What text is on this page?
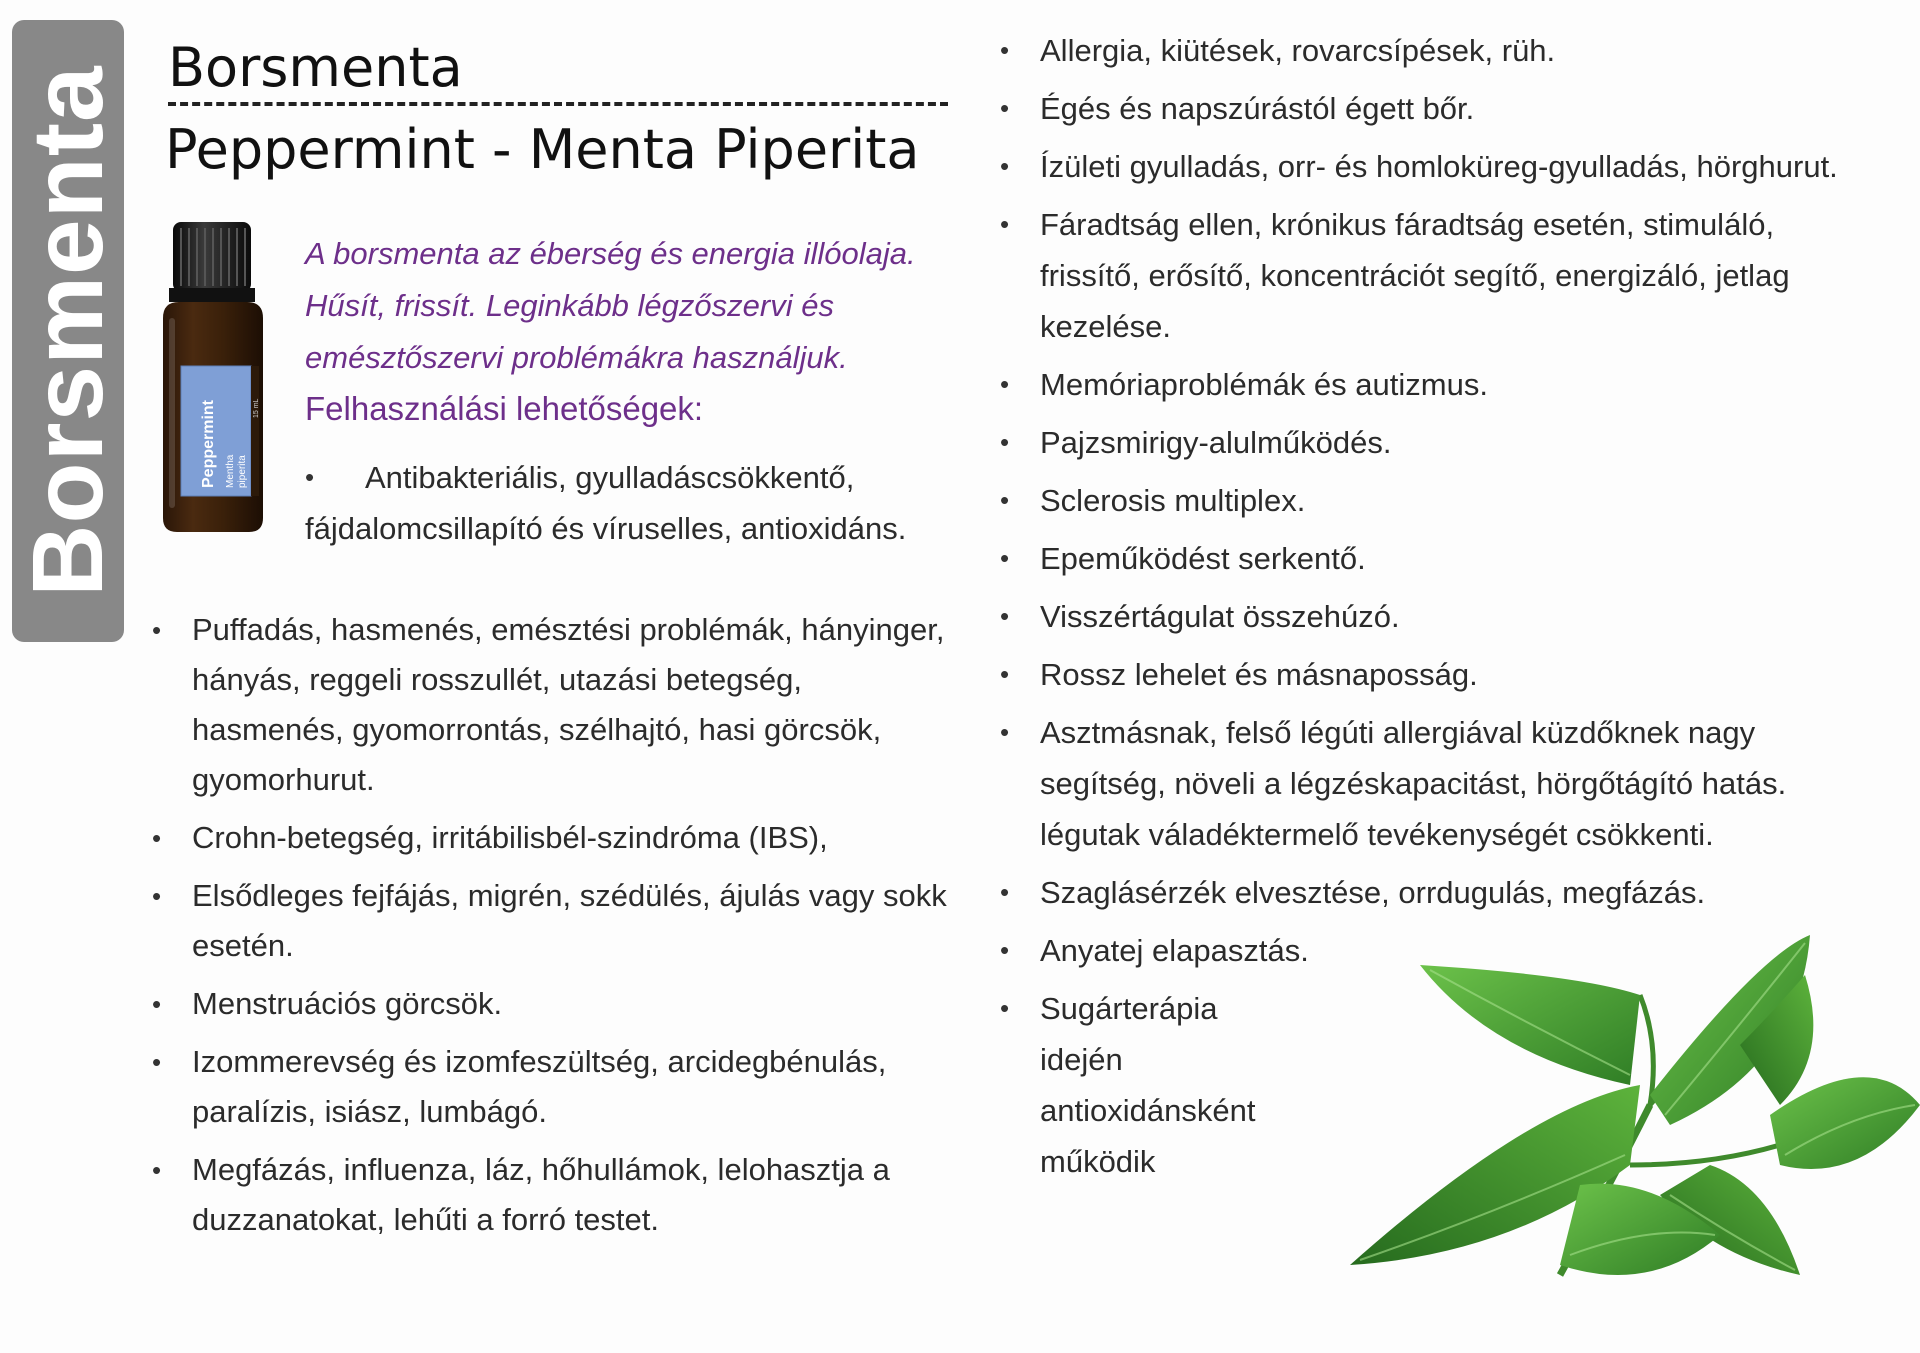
Borsmenta Borsmenta
Peppermint - Menta Piperita
Peppermint Mentha piperita
15 mL
A borsmenta az éberség és energia illóolaja. Hűsít, frissít. Leginkább légzőszervi és emésztőszervi problémákra használjuk.
Felhasználási lehetőségek:
• Antibakteriális, gyulladáscsökkentő, fájdalomcsillapító és víruselles, antioxidáns.
• Puffadás, hasmenés, emésztési problémák, hányinger, hányás, reggeli rosszullét, utazási betegség, hasmenés, gyomorrontás, szélhajtó, hasi görcsök, gyomorhurut.
• Crohn-betegség, irritábilisbél-szindróma (IBS),
• Elsődleges fejfájás, migrén, szédülés, ájulás vagy sokk esetén.
• Menstruációs görcsök.
• Izommerevség és izomfeszültség, arcidegbénulás, paralízis, isiász, lumbágó.
• Megfázás, influenza, láz, hőhullámok, lelohasztja a duzzanatokat, lehűti a forró testet.
• Allergia, kiütések, rovarcsípések, rüh.
• Égés és napszúrástól égett bőr.
• Ízületi gyulladás, orr- és homloküreg-gyulladás, hörghurut.
• Fáradtság ellen, krónikus fáradtság esetén, stimuláló, frissítő, erősítő, koncentrációt segítő, energizáló, jetlag kezelése.
• Memóriaproblémák és autizmus.
• Pajzsmirigy-alulműködés.
• Sclerosis multiplex.
• Epeműködést serkentő.
• Visszértágulat összehúzó.
• Rossz lehelet és másnaposság.
• Asztmásnak, felső légúti allergiával küzdőknek nagy segítség, növeli a légzéskapacitást, hörgőtágító hatás. légutak váladéktermelő tevékenységét csökkenti.
• Szaglásérzék elvesztése, orrdugulás, megfázás.
• Anyatej elapasztás.
• Sugárterápia idején antioxidánsként működik
